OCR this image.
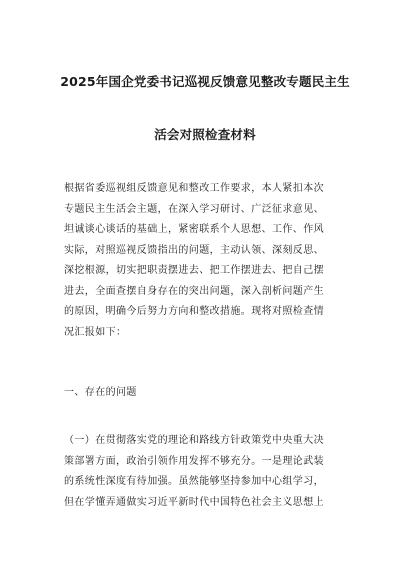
2025年国企党委书记巡视反馈意见整改专题民主生
活会对照检查材料
根据省委巡视组反馈意见和整改工作要求，本人紧扣本次
专题民主生活会主题，在深入学习研讨、广泛征求意见、
坦诚谈心谈话的基础上，紧密联系个人思想、工作、作风
实际，对照巡视反馈指出的问题，主动认领、深刻反思、
深挖根源，切实把职责摆进去、把工作摆进去、把自己摆
进去，全面查摆自身存在的突出问题，深入剖析问题产生
的原因，明确今后努力方向和整改措施。现将对照检查情
况汇报如下：
一、存在的问题
（一）在贯彻落实党的理论和路线方针政策党中央重大决
策部署方面，政治引领作用发挥不够充分。一是理论武装
的系统性深度有待加强。虽然能够坚持参加中心组学习，
但在学懂弄通做实习近平新时代中国特色社会主义思想上
